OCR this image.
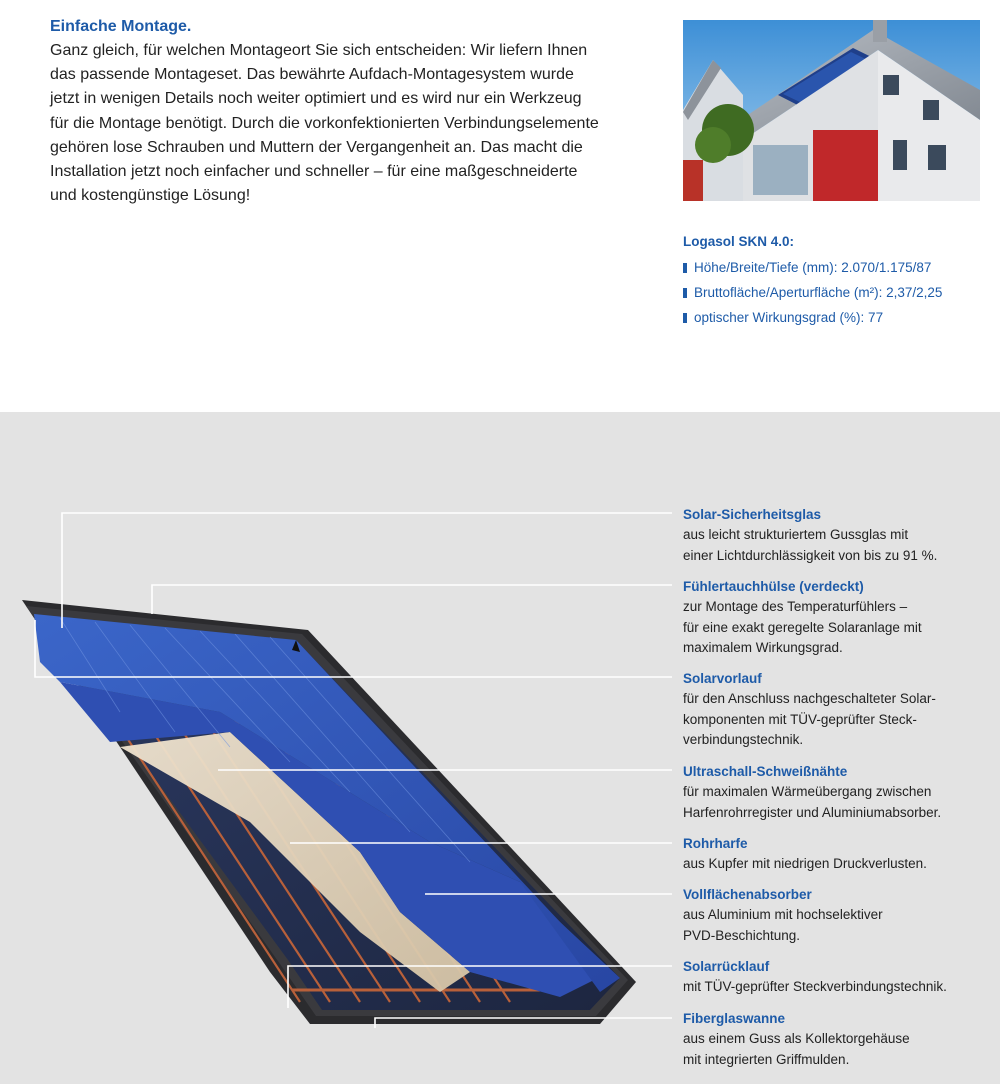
Einfache Montage.

Ganz gleich, für welchen Montageort Sie sich entscheiden: Wir liefern Ihnen
das passende Montageset. Das bewährte Aufdach-Montagesystem wurde
jetzt in wenigen Details noch weiter optimiert und es wird nur ein Werkzeug
für die Montage benötigt. Durch die vorkonfektionierten Verbindungselemente
gehören lose Schrauben und Muttern der Vergangenheit an. Das macht die
Installation jetzt noch einfacher und schneller – für eine maßgeschneiderte
und kostengünstige Lösung!

Logasol SKN 4.0:
Höhe/Breite/Tiefe (mm): 2.070/1.175/87
Bruttofläche/Aperturfläche (m²): 2,37/2,25
optischer Wirkungsgrad (%): 77
Solar-Sicherheitsglas
aus leicht strukturiertem Gussglas mit
einer Lichtdurchlässigkeit von bis zu 91 %.
Fühlertauchhülse (verdeckt)
zur Montage des Temperaturfühlers –
für eine exakt geregelte Solaranlage mit
maximalem Wirkungsgrad.
Solarvorlauf
für den Anschluss nachgeschalteter Solar-
komponenten mit TÜV-geprüfter Steck-
verbindungstechnik.
Ultraschall-Schweißnähte
für maximalen Wärmeübergang zwischen
Harfenrohrregister und Aluminiumabsorber.
Rohrharfe
aus Kupfer mit niedrigen Druckverlusten.
Vollflächenabsorber
aus Aluminium mit hochselektiver
PVD-Beschichtung.
Solarrücklauf
mit TÜV-geprüfter Steckverbindungstechnik.
Fiberglaswanne
aus einem Guss als Kollektorgehäuse
mit integrierten Griffmulden.
